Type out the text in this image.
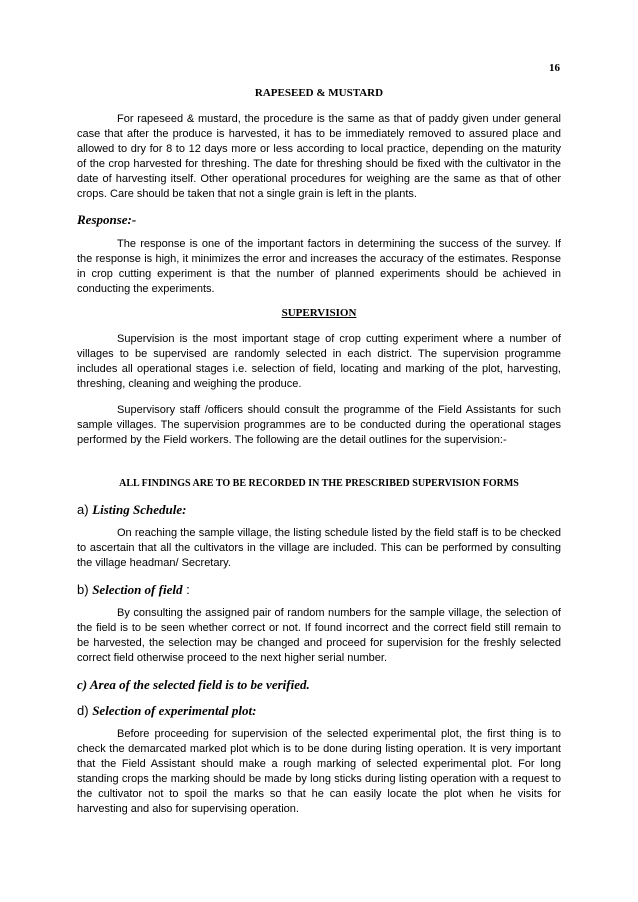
16
RAPESEED & MUSTARD

For rapeseed & mustard, the procedure is the same as that of paddy given under general case that after the produce is harvested, it has to be immediately removed to assured place and allowed to dry for 8 to 12 days more or less according to local practice, depending on the maturity of the crop harvested for threshing. The date for threshing should be fixed with the cultivator in the date of harvesting itself. Other operational procedures for weighing are the same as that of other crops. Care should be taken that not a single grain is left in the plants.

Response:-

The response is one of the important factors in determining the success of the survey. If the response is high, it minimizes the error and increases the accuracy of the estimates. Response in crop cutting experiment is that the number of planned experiments should be achieved in conducting the experiments.

SUPERVISION

Supervision is the most important stage of crop cutting experiment where a number of villages to be supervised are randomly selected in each district. The supervision programme includes all operational stages i.e. selection of field, locating and marking of the plot, harvesting, threshing, cleaning and weighing the produce.

Supervisory staff /officers should consult the programme of the Field Assistants for such sample villages. The supervision programmes are to be conducted during the operational stages performed by the Field workers. The following are the detail outlines for the supervision:-

ALL FINDINGS ARE TO BE RECORDED IN THE PRESCRIBED SUPERVISION FORMS
a) Listing Schedule:

On reaching the sample village, the listing schedule listed by the field staff is to be checked to ascertain that all the cultivators in the village are included. This can be performed by consulting the village headman/ Secretary.

b) Selection of field :

By consulting the assigned pair of random numbers for the sample village, the selection of the field is to be seen whether correct or not. If found incorrect and the correct field still remain to be harvested, the selection may be changed and proceed for supervision for the freshly selected correct field otherwise proceed to the next higher serial number.

c) Area of the selected field is to be verified.
d) Selection of experimental plot:

Before proceeding for supervision of the selected experimental plot, the first thing is to check the demarcated marked plot which is to be done during listing operation. It is very important that the Field Assistant should make a rough marking of selected experimental plot. For long standing crops the marking should be made by long sticks during listing operation with a request to the cultivator not to spoil the marks so that he can easily locate the plot when he visits for harvesting and also for supervising operation.
